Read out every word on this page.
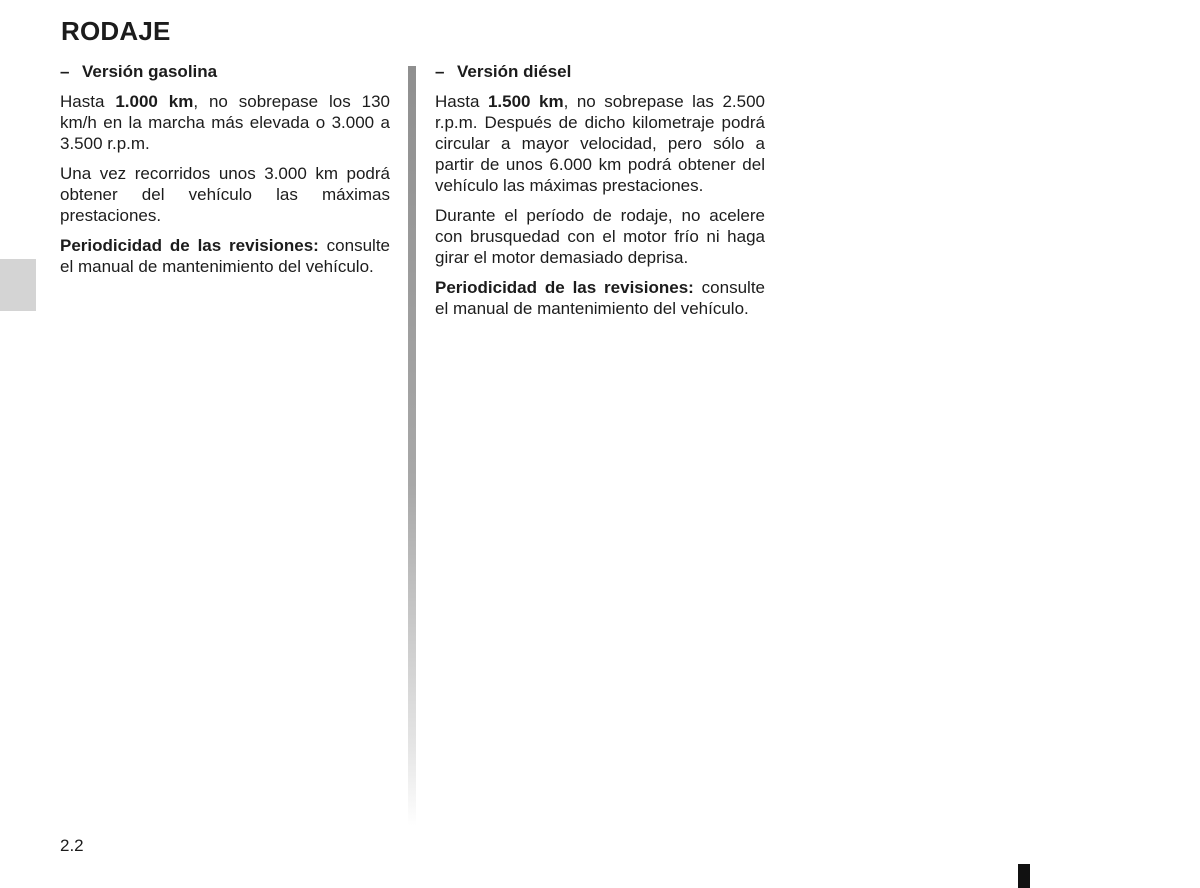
RODAJE

– Versión gasolina

Hasta 1.000 km, no sobrepase los 130 km/h en la marcha más elevada o 3.000 a 3.500 r.p.m.

Una vez recorridos unos 3.000 km podrá obtener del vehículo las máximas prestaciones.

Periodicidad de las revisiones: consulte el manual de mantenimiento del vehículo.

– Versión diésel

Hasta 1.500 km, no sobrepase las 2.500 r.p.m. Después de dicho kilometraje podrá circular a mayor velocidad, pero sólo a partir de unos 6.000 km podrá obtener del vehículo las máximas prestaciones.

Durante el período de rodaje, no acelere con brusquedad con el motor frío ni haga girar el motor demasiado deprisa.

Periodicidad de las revisiones: consulte el manual de mantenimiento del vehículo.

2.2
